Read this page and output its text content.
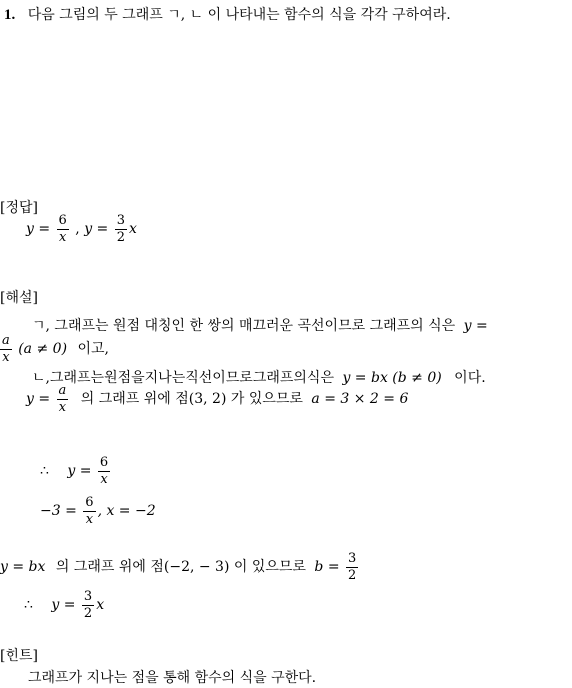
1. 다음 그림의 두 그래프 ㄱ, ㄴ 이 나타내는 함수의 식을 각각 구하여라.
[정답]
$y = \frac{6}{x}$ , $y = \frac{3}{2}$ x
[해설]
ㄱ, 그래프는 원점 대칭인 한 쌍의 매끄러운 곡선이므로 그래프의 식은 y =
$\frac{a}{x} (a \ne 0)$ 이고,
ㄴ,그래프는원점을지나는직선이므로그래프의식은 y = bx (b ≠ 0) 이다.
$y = \frac{a}{x}$ 의 그래프 위에 점(3, 2) 가 있으므로 a = 3 × 2 = 6
∴ $y = \frac{6}{x}$
$-3 = \frac{6}{x}$ , x = −2
y = bx 의 그래프 위에 점(−2, − 3) 이 있으므로 $b = \frac{3}{2}$
∴ $y = \frac{3}{2}$ x
[힌트]
그래프가 지나는 점을 통해 함수의 식을 구한다.
